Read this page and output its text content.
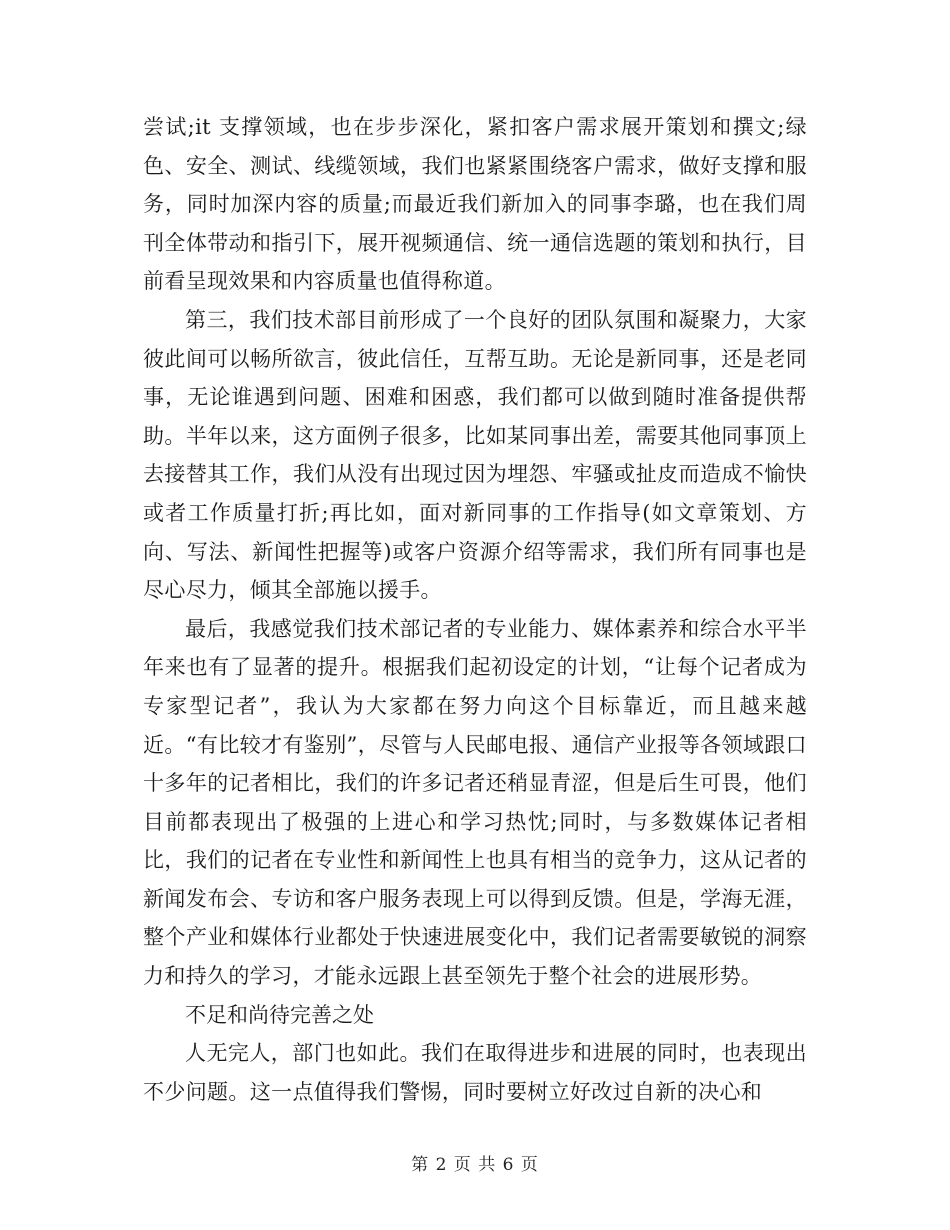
尝试;it 支撑领域，也在步步深化，紧扣客户需求展开策划和撰文;绿色、安全、测试、线缆领域，我们也紧紧围绕客户需求，做好支撑和服务，同时加深内容的质量;而最近我们新加入的同事李璐，也在我们周刊全体带动和指引下，展开视频通信、统一通信选题的策划和执行，目前看呈现效果和内容质量也值得称道。

第三，我们技术部目前形成了一个良好的团队氛围和凝聚力，大家彼此间可以畅所欲言，彼此信任，互帮互助。无论是新同事，还是老同事，无论谁遇到问题、困难和困惑，我们都可以做到随时准备提供帮助。半年以来，这方面例子很多，比如某同事出差，需要其他同事顶上去接替其工作，我们从没有出现过因为埋怨、牢骚或扯皮而造成不愉快或者工作质量打折;再比如，面对新同事的工作指导(如文章策划、方向、写法、新闻性把握等)或客户资源介绍等需求，我们所有同事也是尽心尽力，倾其全部施以援手。

最后，我感觉我们技术部记者的专业能力、媒体素养和综合水平半年来也有了显著的提升。根据我们起初设定的计划，“让每个记者成为专家型记者”，我认为大家都在努力向这个目标靠近，而且越来越近。“有比较才有鉴别”，尽管与人民邮电报、通信产业报等各领域跟口十多年的记者相比，我们的许多记者还稍显青涩，但是后生可畏，他们目前都表现出了极强的上进心和学习热忱;同时，与多数媒体记者相比，我们的记者在专业性和新闻性上也具有相当的竞争力，这从记者的新闻发布会、专访和客户服务表现上可以得到反馈。但是，学海无涯，整个产业和媒体行业都处于快速进展变化中，我们记者需要敏锐的洞察力和持久的学习，才能永远跟上甚至领先于整个社会的进展形势。

不足和尚待完善之处

人无完人，部门也如此。我们在取得进步和进展的同时，也表现出不少问题。这一点值得我们警惕，同时要树立好改过自新的决心和

第 2 页 共 6 页
